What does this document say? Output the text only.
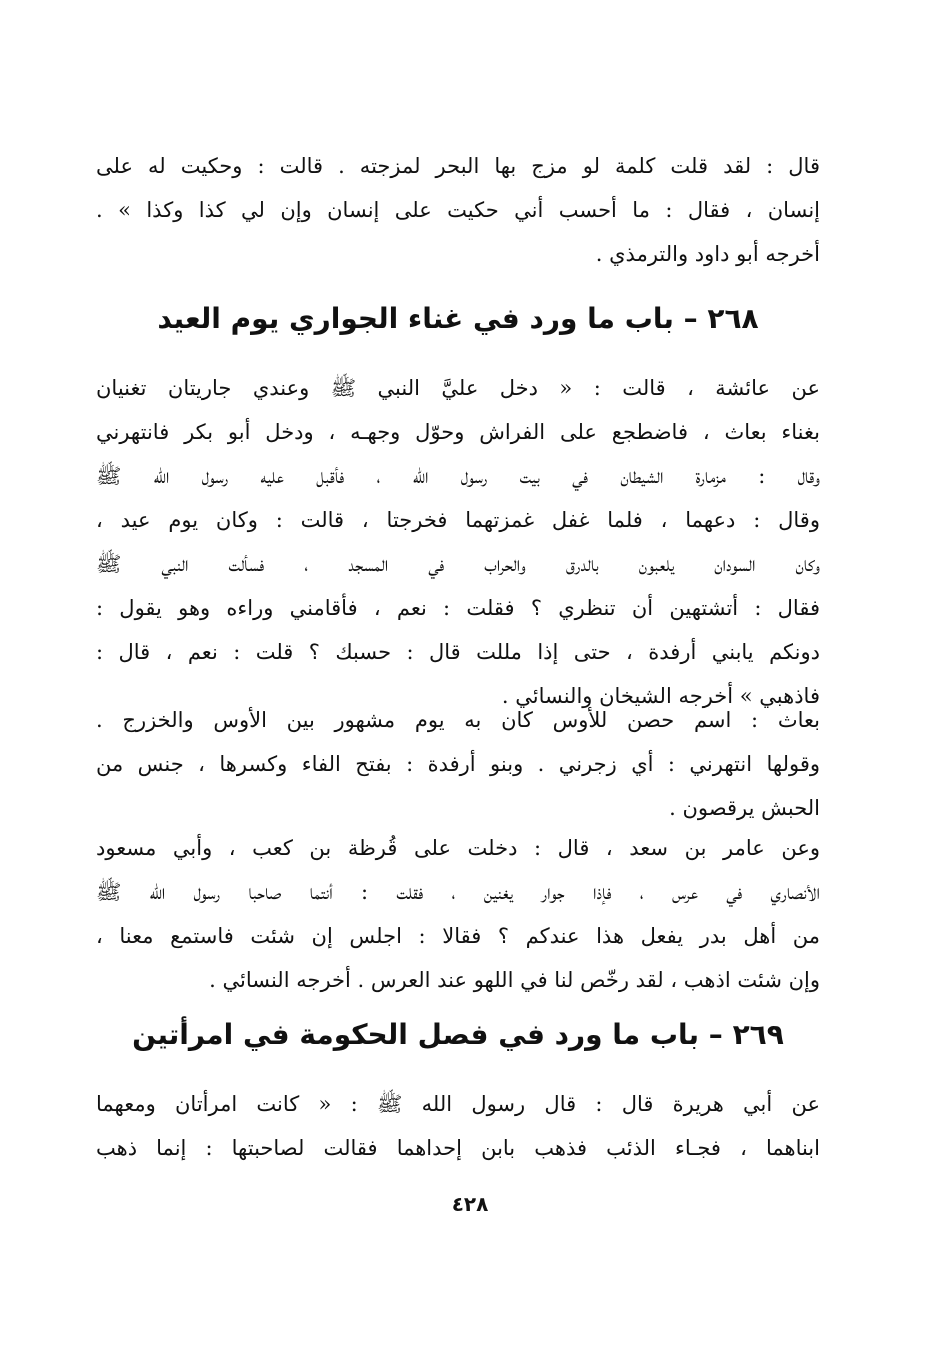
قال : لقد قلت كلمة لو مزج بها البحر لمزجته . قالت : وحكيت له على
إنسان ، فقال : ما أحسب أني حكيت على إنسان وإن لي كذا وكذا » .
أخرجه أبو داود والترمذي .
٢٦٨ – باب ما ورد في غناء الجواري يوم العيد
عن عائشة ، قالت : « دخل عليَّ النبي ﷺ وعندي جاريتان تغنيان
بغناء بعاث ، فاضطجع على الفراش وحوّل وجهـه ، ودخل أبو بكر فانتهرني
وقال : مزمارة الشيطان في بيت رسول الله ، فأقبل عليه رسول الله ﷺ
وقال : دعهما ، فلما غفل غمزتهما فخرجتا ، قالت : وكان يوم عيد ،
وكان السودان يلعبون بالدرق والحراب في المسجد ، فسألت النبي ﷺ
فقال : أتشتهين أن تنظري ؟ فقلت : نعم ، فأقامني وراءه وهو يقول :
دونكم يابني أرفدة ، حتى إذا مللت قال : حسبك ؟ قلت : نعم ، قال :
فاذهبي » أخرجه الشيخان والنسائي .
بعاث : اسم حصن للأوس كان به يوم مشهور بين الأوس والخزرج .
وقولها انتهرني : أي زجرني . وبنو أرفدة : بفتح الفاء وكسرها ، جنس من
الحبش يرقصون .
وعن عامر بن سعد ، قال : دخلت على قُرظة بن كعب ، وأبي مسعود
الأنصاري في عرس ، فإذا جوار يغنين ، فقلت : أنتما صاحبا رسول الله ﷺ
من أهل بدر يفعل هذا عندكم ؟ فقالا : اجلس إن شئت فاستمع معنا ،
وإن شئت اذهب ، لقد رخّص لنا في اللهو عند العرس . أخرجه النسائي .
٢٦٩ – باب ما ورد في فصل الحكومة في امرأتين
عن أبي هريرة قال : قال رسول الله ﷺ : « كانت امرأتان ومعهما
ابناهما ، فجـاء الذئب فذهب بابن إحداهما فقالت لصاحبتها : إنما ذهب
٤٢٨
